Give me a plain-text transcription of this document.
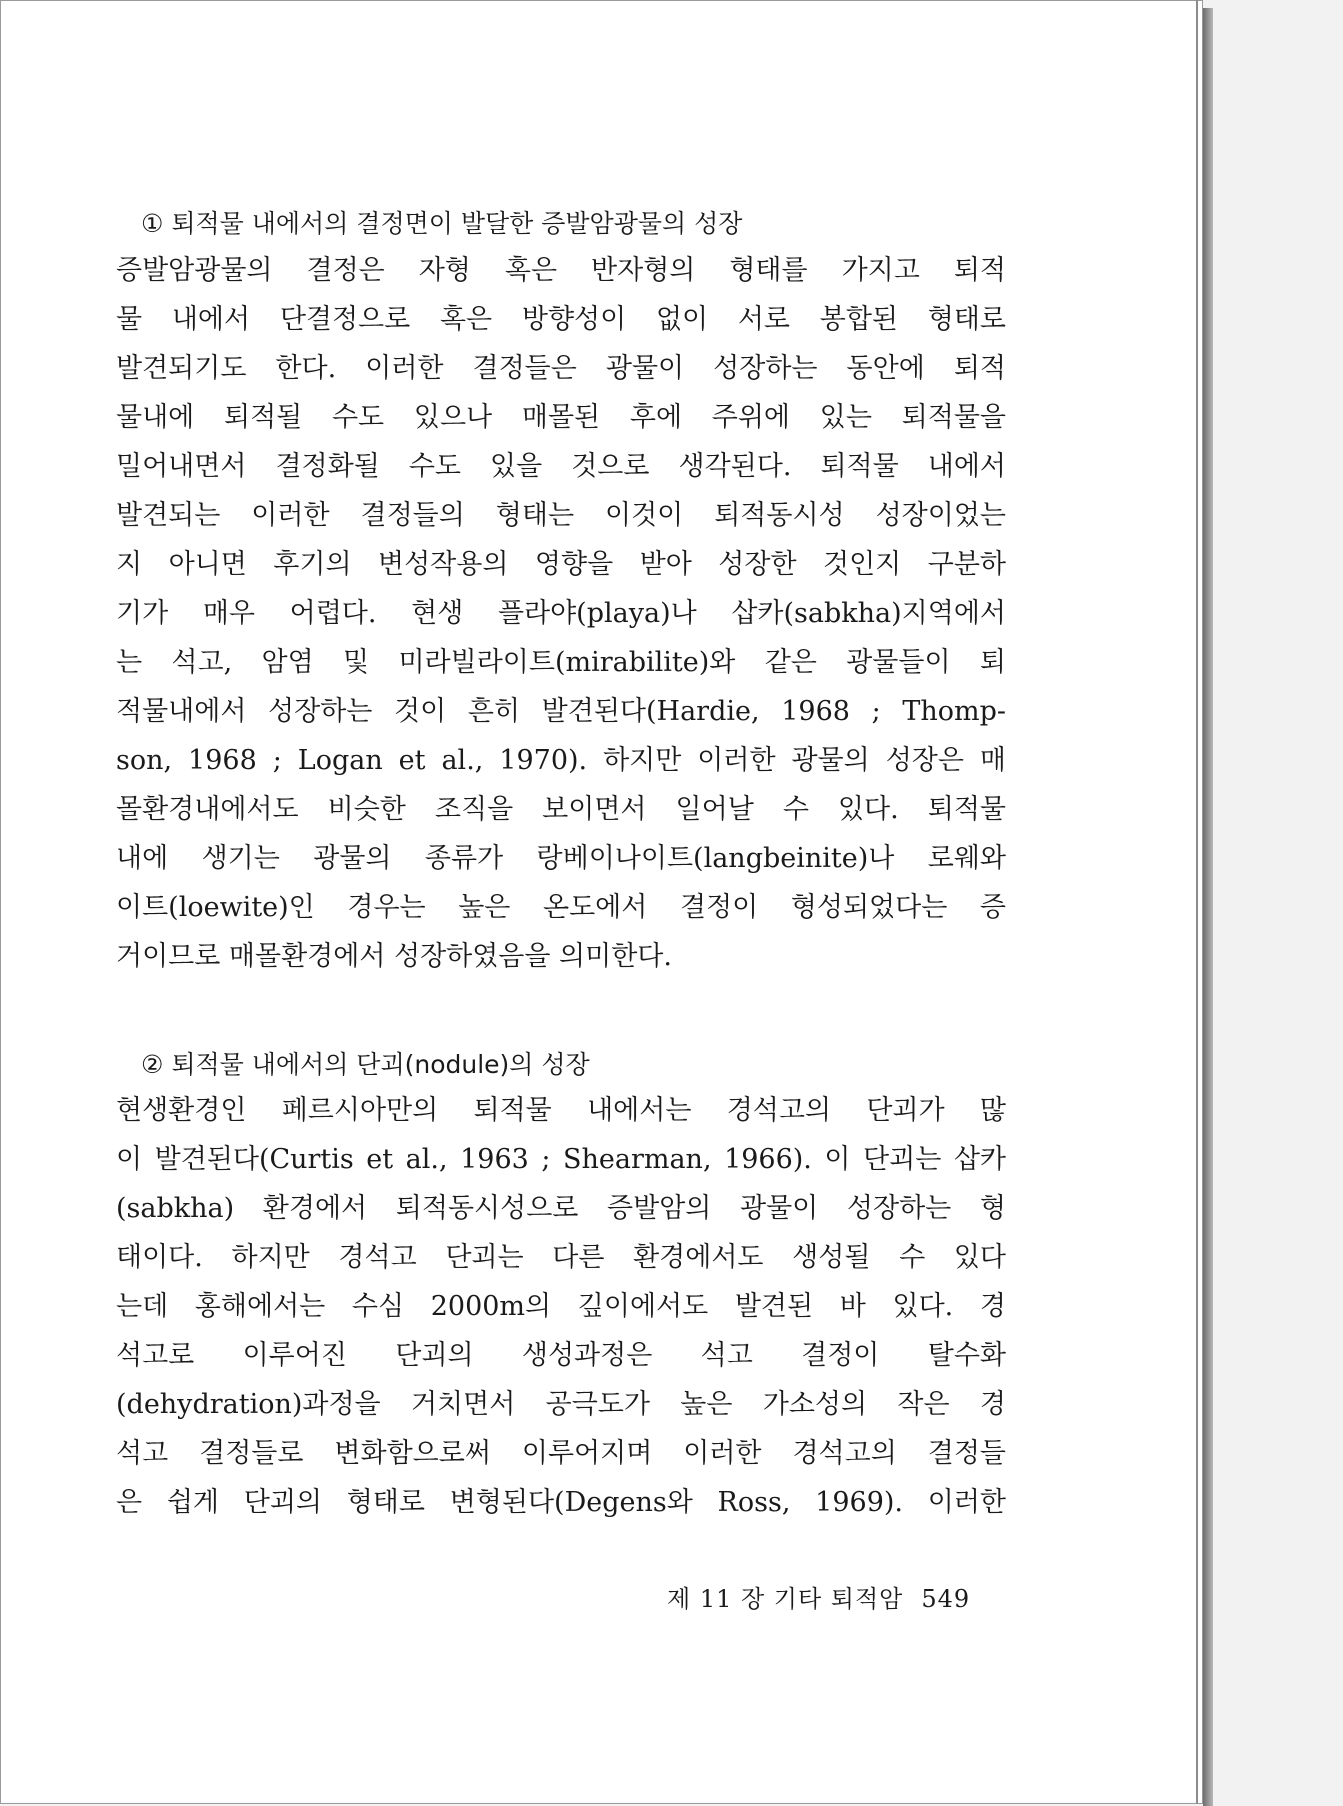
① 퇴적물 내에서의 결정면이 발달한 증발암광물의 성장
증발암광물의 결정은 자형 혹은 반자형의 형태를 가지고 퇴적
물 내에서 단결정으로 혹은 방향성이 없이 서로 봉합된 형태로
발견되기도 한다. 이러한 결정들은 광물이 성장하는 동안에 퇴적
물내에 퇴적될 수도 있으나 매몰된 후에 주위에 있는 퇴적물을
밀어내면서 결정화될 수도 있을 것으로 생각된다. 퇴적물 내에서
발견되는 이러한 결정들의 형태는 이것이 퇴적동시성 성장이었는
지 아니면 후기의 변성작용의 영향을 받아 성장한 것인지 구분하
기가 매우 어렵다. 현생 플라야(playa)나 삽카(sabkha)지역에서
는 석고, 암염 및 미라빌라이트(mirabilite)와 같은 광물들이 퇴
적물내에서 성장하는 것이 흔히 발견된다(Hardie, 1968 ; Thomp-
son, 1968 ; Logan et al., 1970). 하지만 이러한 광물의 성장은 매
몰환경내에서도 비슷한 조직을 보이면서 일어날 수 있다. 퇴적물
내에 생기는 광물의 종류가 랑베이나이트(langbeinite)나 로웨와
이트(loewite)인 경우는 높은 온도에서 결정이 형성되었다는 증
거이므로 매몰환경에서 성장하였음을 의미한다.
② 퇴적물 내에서의 단괴(nodule)의 성장
현생환경인 페르시아만의 퇴적물 내에서는 경석고의 단괴가 많
이 발견된다(Curtis et al., 1963 ; Shearman, 1966). 이 단괴는 삽카
(sabkha) 환경에서 퇴적동시성으로 증발암의 광물이 성장하는 형
태이다. 하지만 경석고 단괴는 다른 환경에서도 생성될 수 있다
는데 홍해에서는 수심 2000m의 깊이에서도 발견된 바 있다. 경
석고로 이루어진 단괴의 생성과정은 석고 결정이 탈수화
(dehydration)과정을 거치면서 공극도가 높은 가소성의 작은 경
석고 결정들로 변화함으로써 이루어지며 이러한 경석고의 결정들
은 쉽게 단괴의 형태로 변형된다(Degens와 Ross, 1969). 이러한
제 11 장 기타 퇴적암 549
